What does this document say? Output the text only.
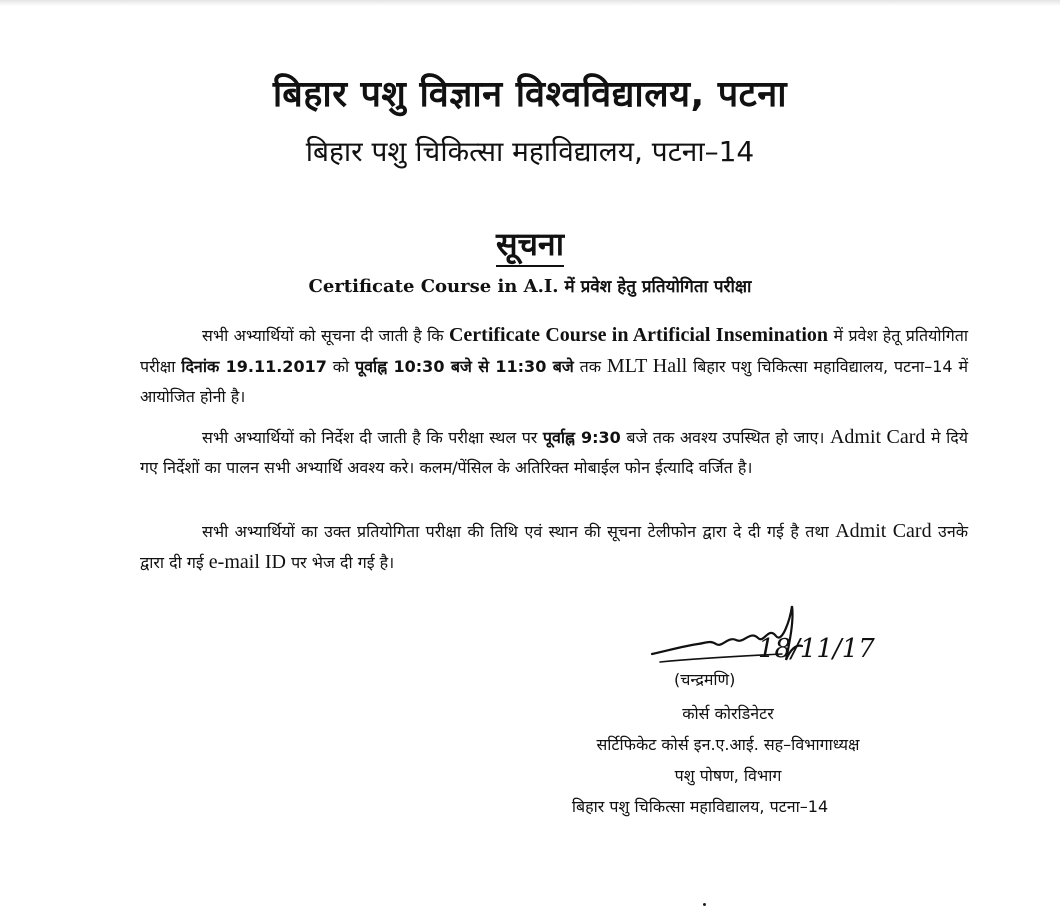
बिहार पशु विज्ञान विश्वविद्यालय, पटना
बिहार पशु चिकित्सा महाविद्यालय, पटना–14
सूचना
Certificate Course in A.I. में प्रवेश हेतु प्रतियोगिता परीक्षा
सभी अभ्यार्थियों को सूचना दी जाती है कि Certificate Course in Artificial Insemination में प्रवेश हेतू प्रतियोगिता परीक्षा दिनांक 19.11.2017 को पूर्वाह्न 10:30 बजे से 11:30 बजे तक MLT Hall बिहार पशु चिकित्सा महाविद्यालय, पटना–14 में आयोजित होनी है।
सभी अभ्यार्थियों को निर्देश दी जाती है कि परीक्षा स्थल पर पूर्वाह्न 9:30 बजे तक अवश्य उपस्थित हो जाए। Admit Card मे दिये गए निर्देशों का पालन सभी अभ्यार्थि अवश्य करे। कलम/पेंसिल के अतिरिक्त मोबाईल फोन ईत्यादि वर्जित है।
सभी अभ्यार्थियों का उक्त प्रतियोगिता परीक्षा की तिथि एवं स्थान की सूचना टेलीफोन द्वारा दे दी गई है तथा Admit Card उनके द्वारा दी गई e-mail ID पर भेज दी गई है।
18/11/17
(चन्द्रमणि)
कोर्स कोरडिनेटर
सर्टिफिकेट कोर्स इन.ए.आई. सह–विभागाध्यक्ष
पशु पोषण, विभाग
बिहार पशु चिकित्सा महाविद्यालय, पटना–14
